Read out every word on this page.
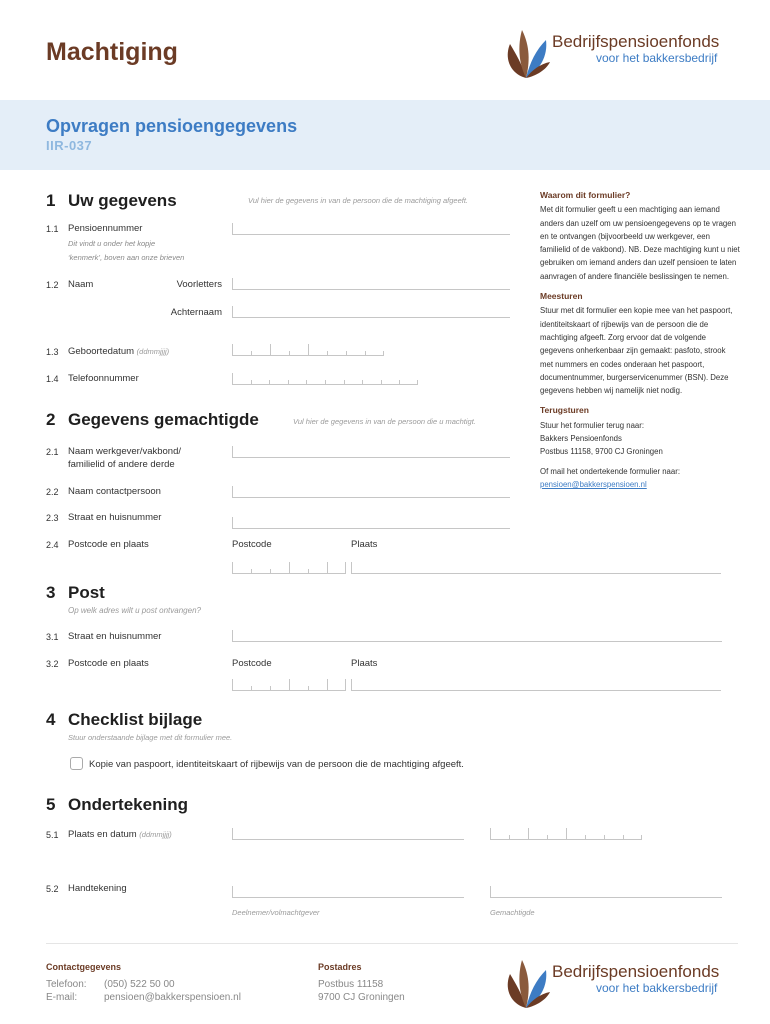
Machtiging	Bedrijfspensioenfonds
voor het bakkersbedrijf
Opvragen pensioengegevens
IIR-037
1 Uw gegevens	Vul hier de gegevens in van de persoon die de machtiging afgeeft.
1.1 Pensioennummer
Dit vindt u onder het kopje
‘kenmerk’, boven aan onze brieven
1.2 Naam	Voorletters
Achternaam
1.3 Geboortedatum (ddmmjjjj)
1.4 Telefoonnummer
2 Gegevens gemachtigde	Vul hier de gegevens in van de persoon die u machtigt.
2.1 Naam werkgever/vakbond/
familielid of andere derde
2.2 Naam contactpersoon
2.3 Straat en huisnummer
2.4 Postcode en plaats	Postcode	Plaats
3 Post
Op welk adres wilt u post ontvangen?
3.1 Straat en huisnummer
3.2 Postcode en plaats	Postcode	Plaats
4 Checklist bijlage
Stuur onderstaande bijlage met dit formulier mee.
Kopie van paspoort, identiteitskaart of rijbewijs van de persoon die de machtiging afgeeft.
5 Ondertekening
5.1 Plaats en datum (ddmmjjjj)
5.2 Handtekening
Deelnemer/volmachtgever	Gemachtigde
Waarom dit formulier?

Met dit formulier geeft u een machtiging aan iemand anders dan uzelf om uw pensioengegevens op te vragen en te ontvangen (bijvoorbeeld uw werkgever, een familielid of de vakbond). NB. Deze machtiging kunt u niet gebruiken om iemand anders dan uzelf pensioen te laten aanvragen of andere financiële beslissingen te nemen.

Meesturen

Stuur met dit formulier een kopie mee van het paspoort, identiteitskaart of rijbewijs van de persoon die de machtiging afgeeft. Zorg ervoor dat de volgende gegevens onherkenbaar zijn gemaakt: pasfoto, strook met nummers en codes onderaan het paspoort, documentnummer, burgerservicenummer (BSN). Deze gegevens hebben wij namelijk niet nodig.

Terugsturen

Stuur het formulier terug naar:

Bakkers Pensioenfonds

Postbus 11158, 9700 CJ Groningen

Of mail het ondertekende formulier naar:

pensioen@bakkerspensioen.nl
Contactgegevens
Telefoon: (050) 522 50 00
E-mail:	pensioen@bakkerspensioen.nl
Postadres
Postbus 11158
9700 CJ Groningen
Bedrijfspensioenfonds
voor het bakkersbedrijf
